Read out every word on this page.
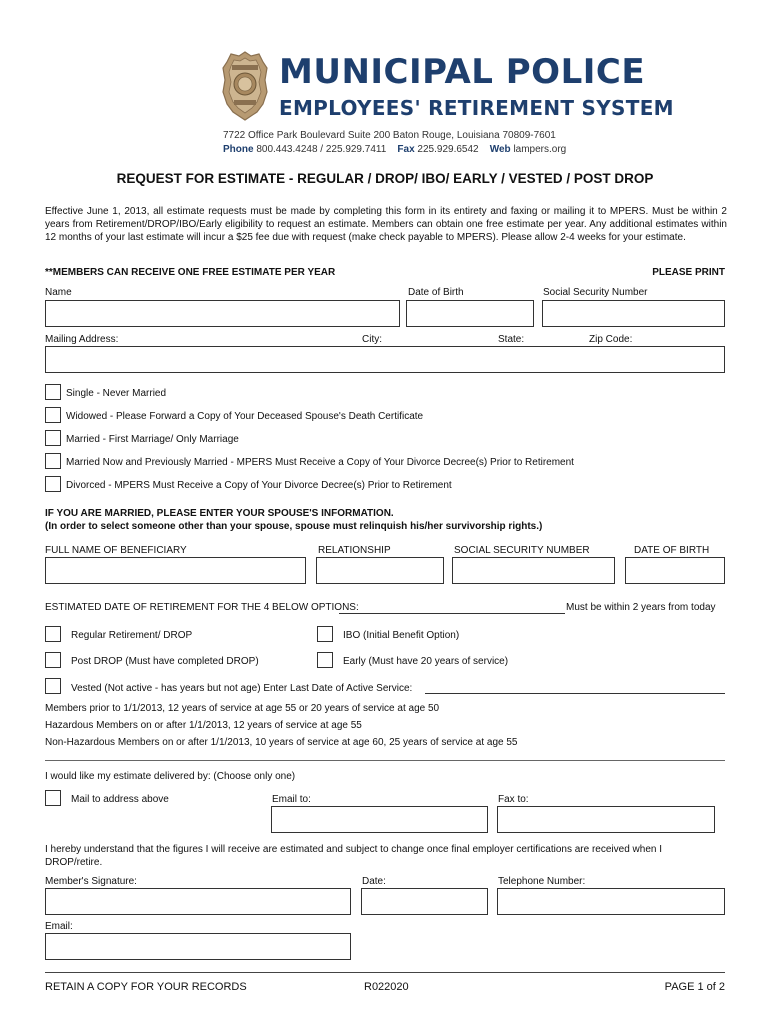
MUNICIPAL POLICE
EMPLOYEES' RETIREMENT SYSTEM
7722 Office Park Boulevard Suite 200 Baton Rouge, Louisiana 70809-7601
Phone 800.443.4248 / 225.929.7411 Fax 225.929.6542 Web lampers.org
REQUEST FOR ESTIMATE - REGULAR / DROP/ IBO/ EARLY / VESTED / POST DROP
Effective June 1, 2013, all estimate requests must be made by completing this form in its entirety and faxing or mailing it to MPERS. Must be within 2 years from Retirement/DROP/IBO/Early eligibility to request an estimate. Members can obtain one free estimate per year. Any additional estimates within 12 months of your last estimate will incur a $25 fee due with request (make check payable to MPERS). Please allow 2-4 weeks for your estimate.
**MEMBERS CAN RECEIVE ONE FREE ESTIMATE PER YEAR	PLEASE PRINT
Name	Date of Birth	Social Security Number
Mailing Address:	City:	State:	Zip Code:
Single - Never Married
Widowed - Please Forward a Copy of Your Deceased Spouse's Death Certificate
Married - First Marriage/ Only Marriage
Married Now and Previously Married - MPERS Must Receive a Copy of Your Divorce Decree(s) Prior to Retirement
Divorced - MPERS Must Receive a Copy of Your Divorce Decree(s) Prior to Retirement
IF YOU ARE MARRIED, PLEASE ENTER YOUR SPOUSE'S INFORMATION.
(In order to select someone other than your spouse, spouse must relinquish his/her survivorship rights.)
FULL NAME OF BENEFICIARY	RELATIONSHIP	SOCIAL SECURITY NUMBER	DATE OF BIRTH
ESTIMATED DATE OF RETIREMENT FOR THE 4 BELOW OPTIONS:	Must be within 2 years from today
Regular Retirement/ DROP	IBO (Initial Benefit Option)
Post DROP (Must have completed DROP)	Early (Must have 20 years of service)
Vested (Not active - has years but not age) Enter Last Date of Active Service:
Members prior to 1/1/2013, 12 years of service at age 55 or 20 years of service at age 50
Hazardous Members on or after 1/1/2013, 12 years of service at age 55
Non-Hazardous Members on or after 1/1/2013, 10 years of service at age 60, 25 years of service at age 55
I would like my estimate delivered by: (Choose only one)
Mail to address above	Email to:	Fax to:
I hereby understand that the figures I will receive are estimated and subject to change once final employer certifications are received when I DROP/retire.
Member's Signature:	Date:	Telephone Number:
Email:
RETAIN A COPY FOR YOUR RECORDS	R022020	PAGE 1 of 2
